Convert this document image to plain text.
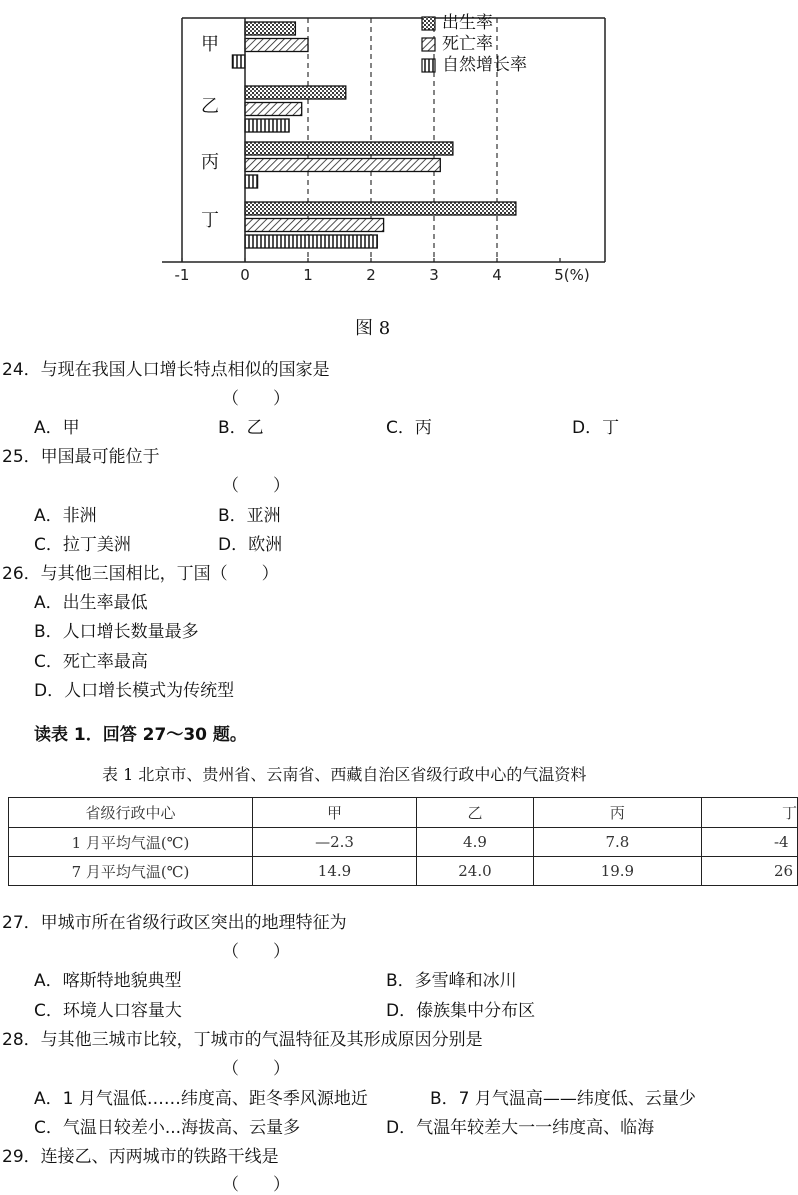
-1	0	1	2	3	4	5(%)
甲
乙
丙
丁
出生率
死亡率
自然增长率
图 8
24．与现在我国人口增长特点相似的国家是
（　　）
A．甲	B．乙	C．丙	D．丁
25．甲国最可能位于
（　　）
A．非洲	B．亚洲
C．拉丁美洲	D．欧洲
26．与其他三国相比，丁国（　　）
A．出生率最低
B．人口增长数量最多
C．死亡率最高
D．人口增长模式为传统型
读表 1．回答 27～30 题。
表 1 北京市、贵州省、云南省、西藏自治区省级行政中心的气温资料
省级行政中心	甲	乙	丙	丁
1 月平均气温(℃)	—2.3	4.9	7.8	-4
7 月平均气温(℃)	14.9	24.0	19.9	26
27．甲城市所在省级行政区突出的地理特征为
（　　）
A．喀斯特地貌典型	B．多雪峰和冰川
C．环境人口容量大	D．傣族集中分布区
28．与其他三城市比较，丁城市的气温特征及其形成原因分别是
（　　）
A．1 月气温低……纬度高、距冬季风源地近	B．7 月气温高——纬度低、云量少
C．气温日较差小...海拔高、云量多	D．气温年较差大一一纬度高、临海
29．连接乙、丙两城市的铁路干线是
（　　）
